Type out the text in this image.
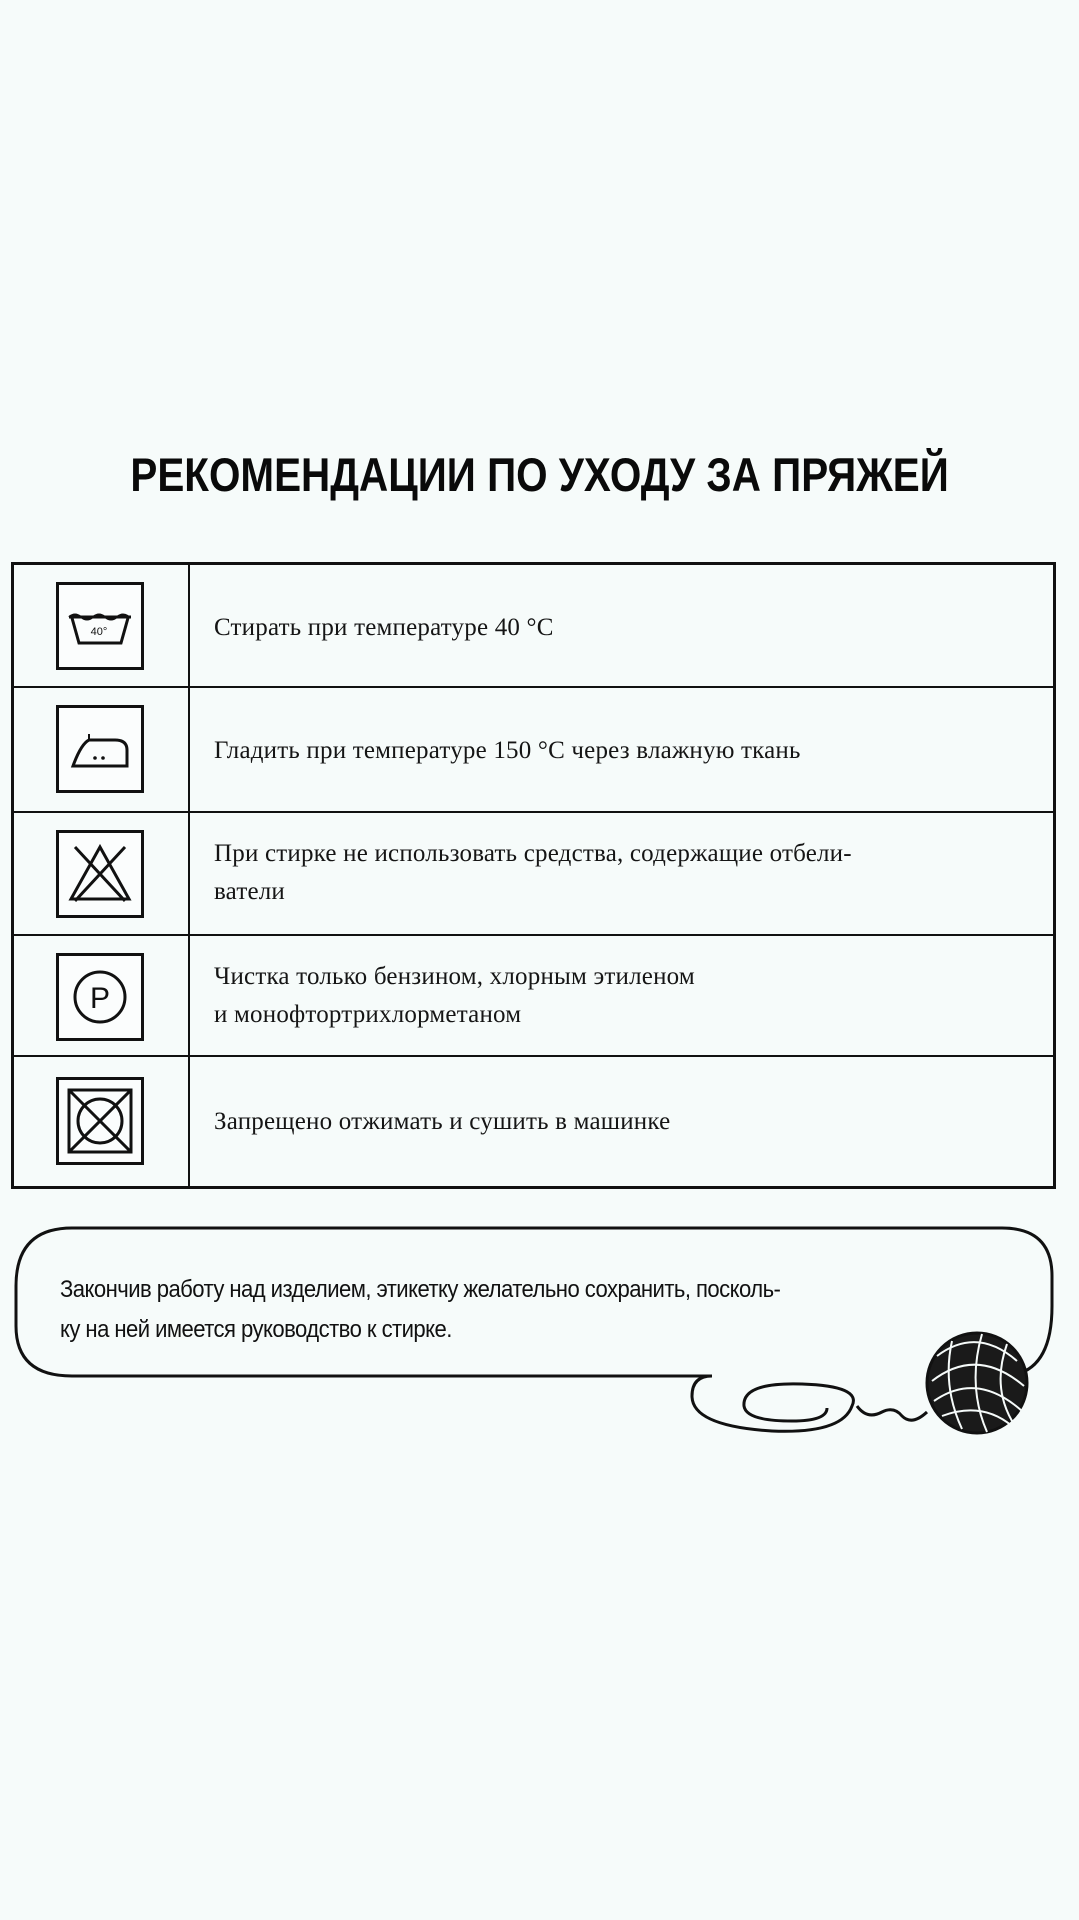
РЕКОМЕНДАЦИИ ПО УХОДУ ЗА ПРЯЖЕЙ
40°	Стирать при температуре 40 °С
Гладить при температуре 150 °С через влажную ткань
При стирке не использовать средства, содержащие отбели-
ватели
P
Чистка только бензином, хлорным этиленом
и монофтортрихлорметаном
Запрещено отжимать и сушить в машинке
Закончив работу над изделием, этикетку желательно сохранить, посколь-
ку на ней имеется руководство к стирке.
